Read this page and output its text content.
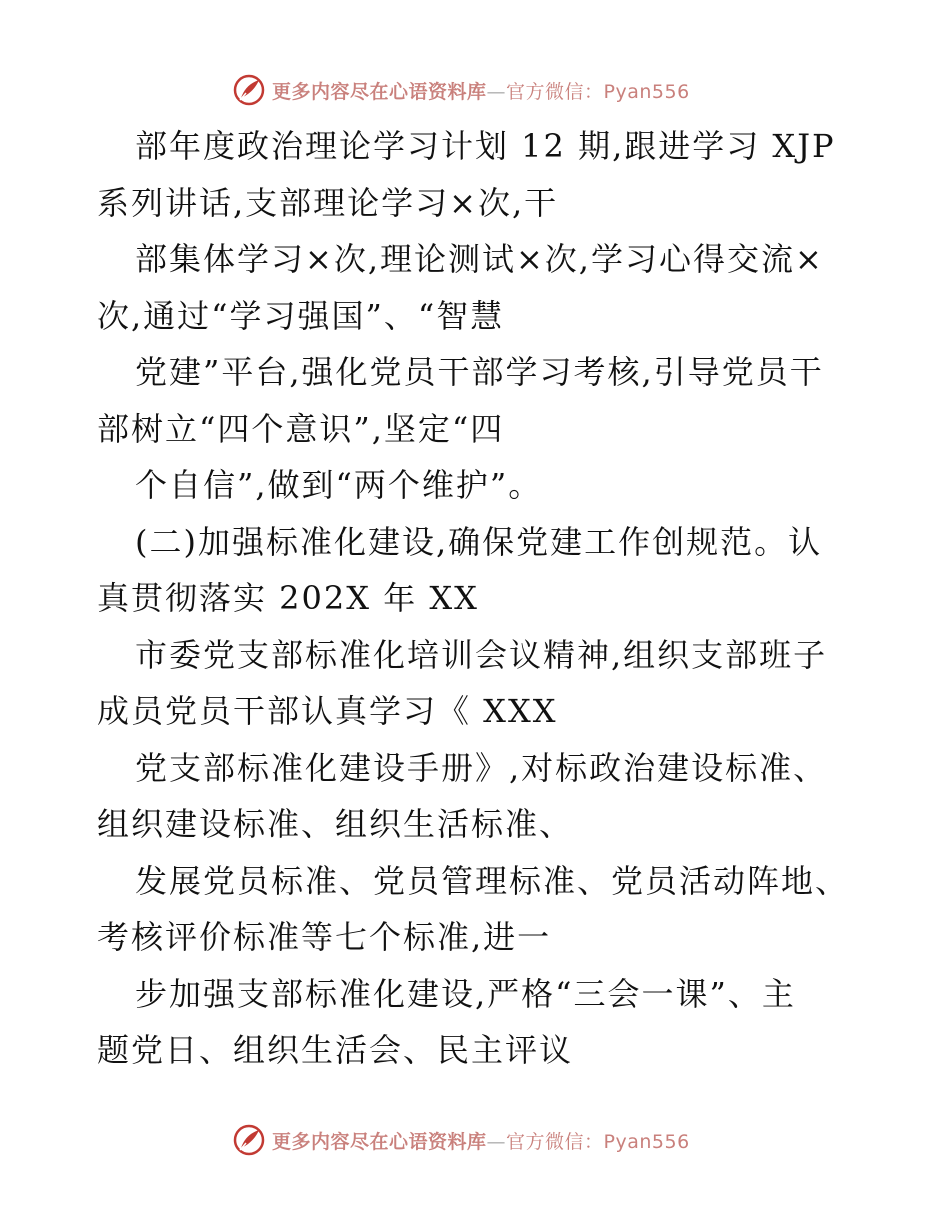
更多内容尽在心语资料库—官方微信：Pyan556
部年度政治理论学习计划 12 期,跟进学习 XJP
系列讲话,支部理论学习×次,干
部集体学习×次,理论测试×次,学习心得交流×
次,通过“学习强国”、“智慧
党建”平台,强化党员干部学习考核,引导党员干
部树立“四个意识”,坚定“四
个自信”,做到“两个维护”。
(二)加强标准化建设,确保党建工作创规范。认
真贯彻落实 202X 年 XX
市委党支部标准化培训会议精神,组织支部班子
成员党员干部认真学习《 XXX
党支部标准化建设手册》,对标政治建设标准、
组织建设标准、组织生活标准、
发展党员标准、党员管理标准、党员活动阵地、
考核评价标准等七个标准,进一
步加强支部标准化建设,严格“三会一课”、主
题党日、组织生活会、民主评议
更多内容尽在心语资料库—官方微信：Pyan556
